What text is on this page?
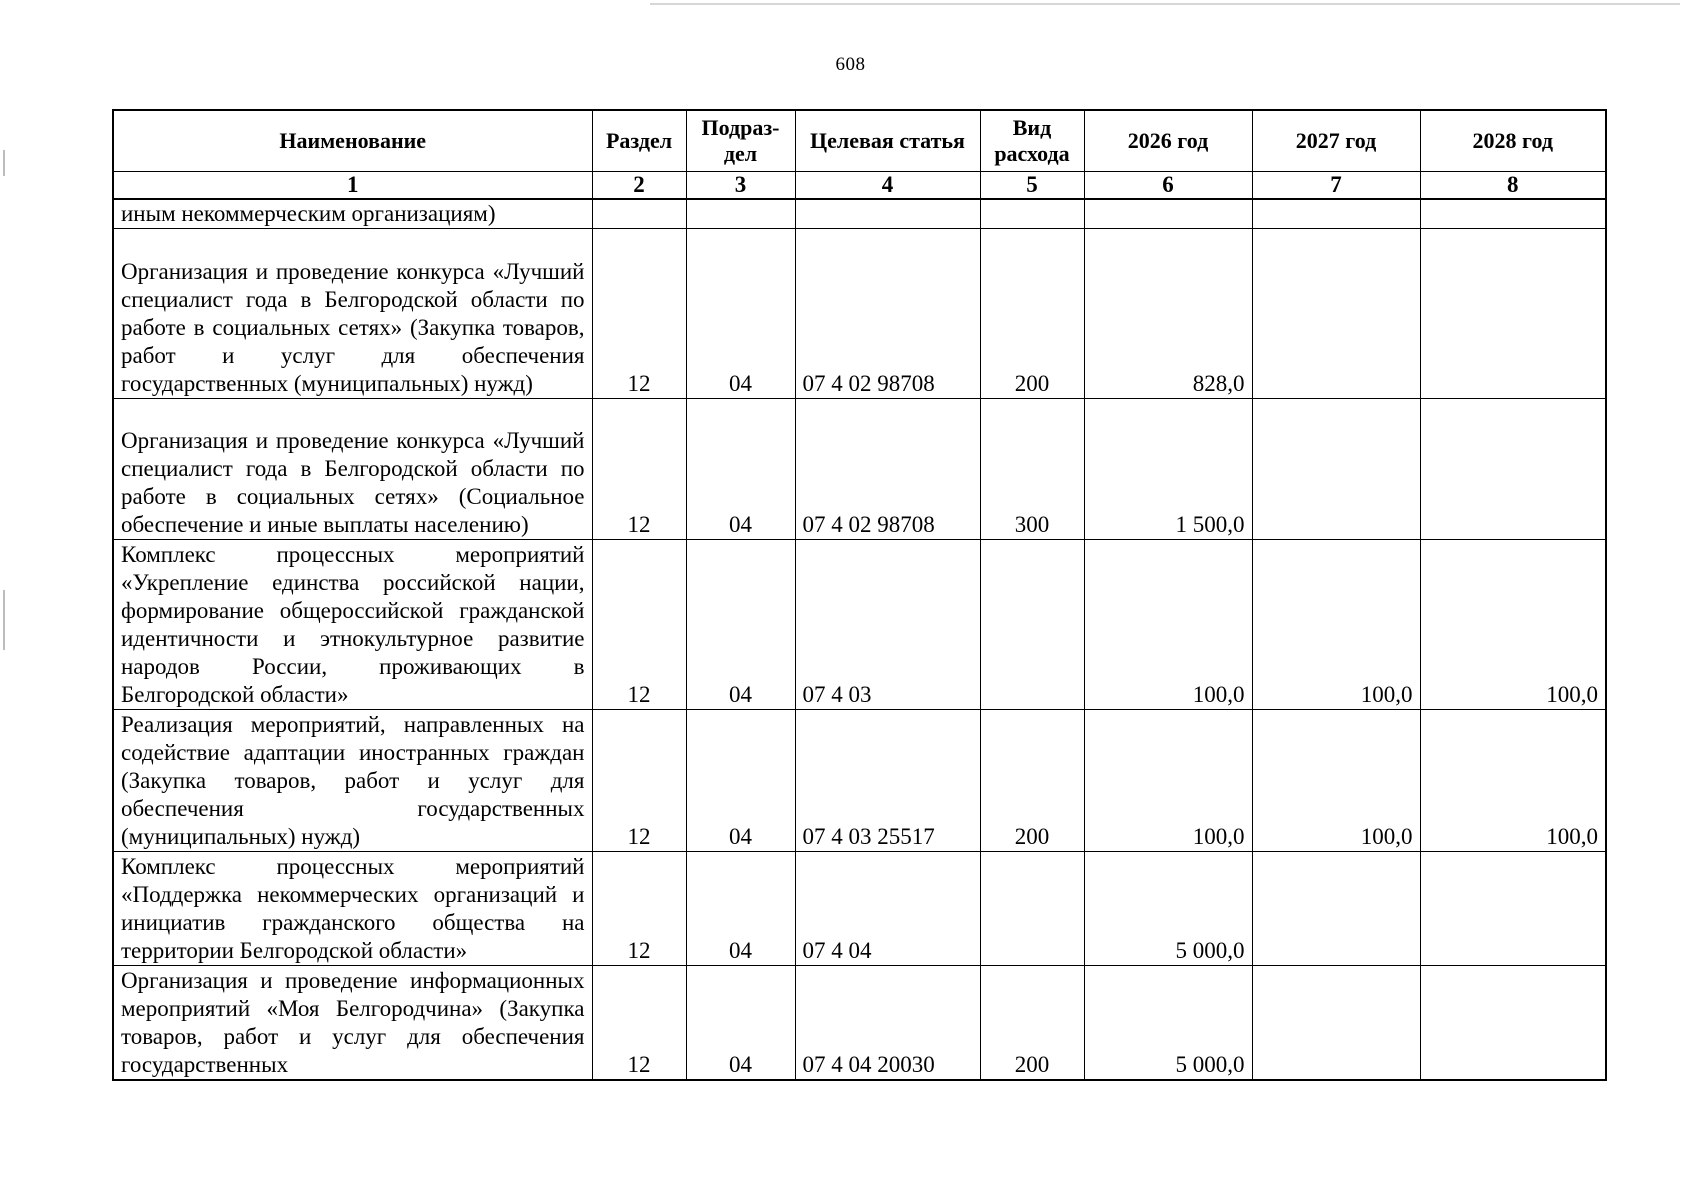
608
Наименование	Раздел	Подраз-дел	Целевая статья	Вид расхода	2026 год	2027 год	2028 год
1	2	3	4	5	6	7	8
иным некоммерческим организациям)							
Организация и проведение конкурса «Лучший специалист года в Белгородской области по работе в социальных сетях» (Закупка товаров, работ и услуг для обеспечения государственных (муниципальных) нужд)	12	04	07 4 02 98708	200	828,0		
Организация и проведение конкурса «Лучший специалист года в Белгородской области по работе в социальных сетях» (Социальное обеспечение и иные выплаты населению)	12	04	07 4 02 98708	300	1 500,0		
Комплекс процессных мероприятий «Укрепление единства российской нации, формирование общероссийской гражданской идентичности и этнокультурное развитие народов России, проживающих в Белгородской области»	12	04	07 4 03		100,0	100,0	100,0
Реализация мероприятий, направленных на содействие адаптации иностранных граждан (Закупка товаров, работ и услуг для обеспечения государственных (муниципальных) нужд)	12	04	07 4 03 25517	200	100,0	100,0	100,0
Комплекс процессных мероприятий «Поддержка некоммерческих организаций и инициатив гражданского общества на территории Белгородской области»	12	04	07 4 04		5 000,0		
Организация и проведение информационных мероприятий «Моя Белгородчина» (Закупка товаров, работ и услуг для обеспечения государственных	12	04	07 4 04 20030	200	5 000,0		
